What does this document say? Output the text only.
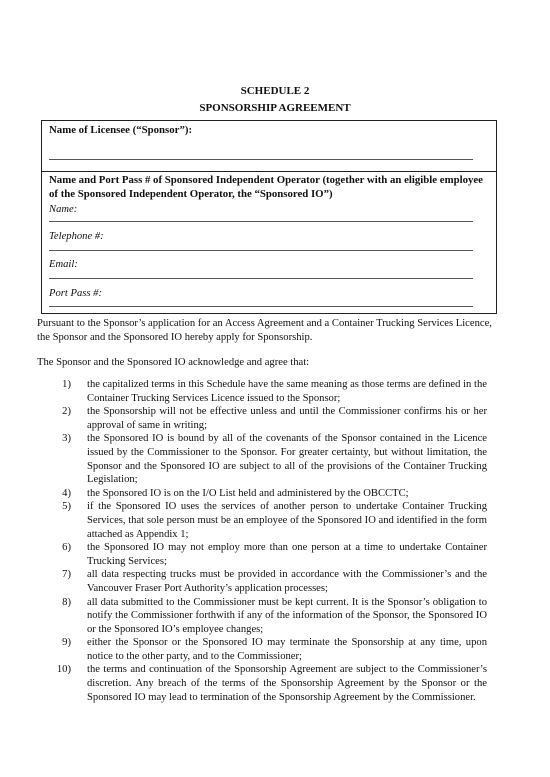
SCHEDULE 2
SPONSORSHIP AGREEMENT
Name of Licensee (“Sponsor”):
Name and Port Pass # of Sponsored Independent Operator (together with an eligible employee of the Sponsored Independent Operator, the “Sponsored IO”)
Name:
Telephone #:
Email:
Port Pass #:
Pursuant to the Sponsor’s application for an Access Agreement and a Container Trucking Services Licence, the Sponsor and the Sponsored IO hereby apply for Sponsorship.
The Sponsor and the Sponsored IO acknowledge and agree that:
1) the capitalized terms in this Schedule have the same meaning as those terms are defined in the Container Trucking Services Licence issued to the Sponsor;
2) the Sponsorship will not be effective unless and until the Commissioner confirms his or her approval of same in writing;
3) the Sponsored IO is bound by all of the covenants of the Sponsor contained in the Licence issued by the Commissioner to the Sponsor. For greater certainty, but without limitation, the Sponsor and the Sponsored IO are subject to all of the provisions of the Container Trucking Legislation;
4) the Sponsored IO is on the I/O List held and administered by the OBCCTC;
5) if the Sponsored IO uses the services of another person to undertake Container Trucking Services, that sole person must be an employee of the Sponsored IO and identified in the form attached as Appendix 1;
6) the Sponsored IO may not employ more than one person at a time to undertake Container Trucking Services;
7) all data respecting trucks must be provided in accordance with the Commissioner’s and the Vancouver Fraser Port Authority’s application processes;
8) all data submitted to the Commissioner must be kept current. It is the Sponsor’s obligation to notify the Commissioner forthwith if any of the information of the Sponsor, the Sponsored IO or the Sponsored IO’s employee changes;
9) either the Sponsor or the Sponsored IO may terminate the Sponsorship at any time, upon notice to the other party, and to the Commissioner;
10) the terms and continuation of the Sponsorship Agreement are subject to the Commissioner’s discretion. Any breach of the terms of the Sponsorship Agreement by the Sponsor or the Sponsored IO may lead to termination of the Sponsorship Agreement by the Commissioner.
